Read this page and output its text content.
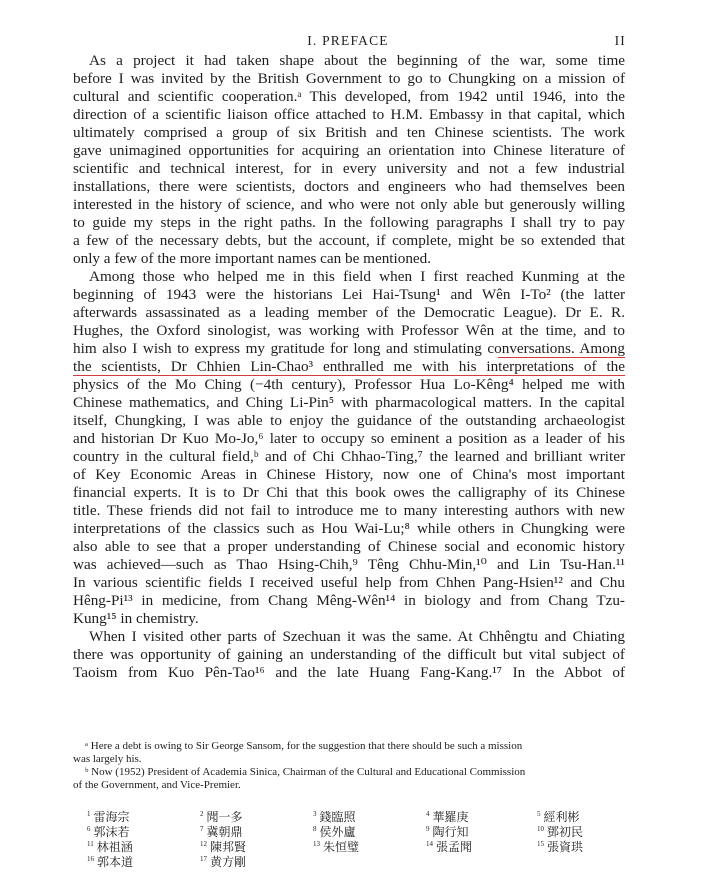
I. PREFACE	II
As a project it had taken shape about the beginning of the war, some time
before I was invited by the British Government to go to Chungking on a mission of
cultural and scientific cooperation.ᵃ This developed, from 1942 until 1946, into the
direction of a scientific liaison office attached to H.M. Embassy in that capital, which
ultimately comprised a group of six British and ten Chinese scientists. The work
gave unimagined opportunities for acquiring an orientation into Chinese literature of
scientific and technical interest, for in every university and not a few industrial
installations, there were scientists, doctors and engineers who had themselves been
interested in the history of science, and who were not only able but generously willing
to guide my steps in the right paths. In the following paragraphs I shall try to pay
a few of the necessary debts, but the account, if complete, might be so extended that
only a few of the more important names can be mentioned.
Among those who helped me in this field when I first reached Kunming at the
beginning of 1943 were the historians Lei Hai-Tsung¹ and Wên I-To² (the latter
afterwards assassinated as a leading member of the Democratic League). Dr E. R.
Hughes, the Oxford sinologist, was working with Professor Wên at the time, and to
him also I wish to express my gratitude for long and stimulating conversations. Among
the scientists, Dr Chhien Lin-Chao³ enthralled me with his interpretations of the
physics of the Mo Ching (−4th century), Professor Hua Lo-Kêng⁴ helped me with
Chinese mathematics, and Ching Li-Pin⁵ with pharmacological matters. In the capital
itself, Chungking, I was able to enjoy the guidance of the outstanding archaeologist
and historian Dr Kuo Mo-Jo,⁶ later to occupy so eminent a position as a leader of his
country in the cultural field,ᵇ and of Chi Chhao-Ting,⁷ the learned and brilliant writer
of Key Economic Areas in Chinese History, now one of China's most important
financial experts. It is to Dr Chi that this book owes the calligraphy of its Chinese
title. These friends did not fail to introduce me to many interesting authors with new
interpretations of the classics such as Hou Wai-Lu;⁸ while others in Chungking were
also able to see that a proper understanding of Chinese social and economic history
was achieved—such as Thao Hsing-Chih,⁹ Têng Chhu-Min,¹⁰ and Lin Tsu-Han.¹¹
In various scientific fields I received useful help from Chhen Pang-Hsien¹² and Chu
Hêng-Pi¹³ in medicine, from Chang Mêng-Wên¹⁴ in biology and from Chang Tzu-
Kung¹⁵ in chemistry.
When I visited other parts of Szechuan it was the same. At Chhêngtu and Chiating
there was opportunity of gaining an understanding of the difficult but vital subject of
Taoism from Kuo Pên-Tao¹⁶ and the late Huang Fang-Kang.¹⁷ In the Abbot of
ᵃ Here a debt is owing to Sir George Sansom, for the suggestion that there should be such a mission
was largely his.
ᵇ Now (1952) President of Academia Sinica, Chairman of the Cultural and Educational Commission
of the Government, and Vice-Premier.
$^1$ 雷海宗	$^2$ 聞一多	$^3$ 錢臨照	$^4$ 華羅庚	$^5$ 經利彬
$^6$ 郭沫若	$^7$ 冀朝鼎	$^8$ 侯外廬	$^9$ 陶行知	$^{10}$ 鄧初民
$^{11}$ 林祖涵	$^{12}$ 陳邦賢	$^{13}$ 朱恒璧	$^{14}$ 張孟聞	$^{15}$ 張資珙
$^{16}$ 郭本道	$^{17}$ 黄方剛
